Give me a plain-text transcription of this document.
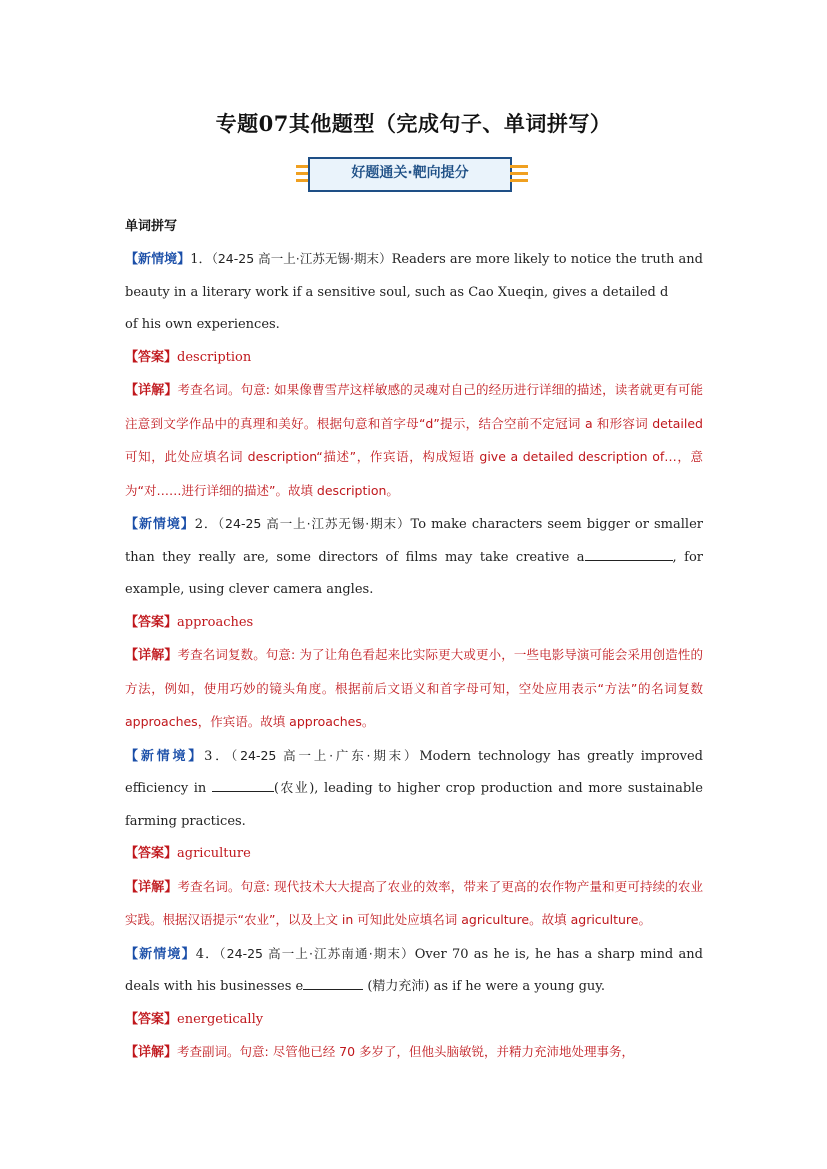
专题07其他题型（完成句子、单词拼写）
好题通关·靶向提分
单词拼写

【新情境】1．（24-25 高一上·江苏无锡·期末）Readers are more likely to notice the truth and beauty in a literary work if a sensitive soul, such as Cao Xueqin, gives a detailed d
of his own experiences.

【答案】description

【详解】考查名词。句意: 如果像曹雪芹这样敏感的灵魂对自己的经历进行详细的描述，读者就更有可能注意到文学作品中的真理和美好。根据句意和首字母“d”提示，结合空前不定冠词 a 和形容词 detailed 可知，此处应填名词 description“描述”，作宾语，构成短语 give a detailed description of…，意为“对……进行详细的描述”。故填 description。

【新情境】2．（24-25 高一上·江苏无锡·期末）To make characters seem bigger or smaller than they really are, some directors of films may take creative a	, for example, using clever camera angles.

【答案】approaches

【详解】考查名词复数。句意: 为了让角色看起来比实际更大或更小，一些电影导演可能会采用创造性的方法，例如，使用巧妙的镜头角度。根据前后文语义和首字母可知，空处应用表示“方法”的名词复数 approaches，作宾语。故填 approaches。

【新情境】3．（24-25 高一上·广东·期末）Modern technology has greatly improved efficiency in	(农业), leading to higher crop production and more sustainable farming practices.

【答案】agriculture

【详解】考查名词。句意: 现代技术大大提高了农业的效率，带来了更高的农作物产量和更可持续的农业实践。根据汉语提示“农业”，以及上文 in 可知此处应填名词 agriculture。故填 agriculture。

【新情境】4．（24-25 高一上·江苏南通·期末）Over 70 as he is, he has a sharp mind and deals with his businesses e	(精力充沛) as if he were a young guy.

【答案】energetically

【详解】考查副词。句意: 尽管他已经 70 多岁了，但他头脑敏锐，并精力充沛地处理事务，
